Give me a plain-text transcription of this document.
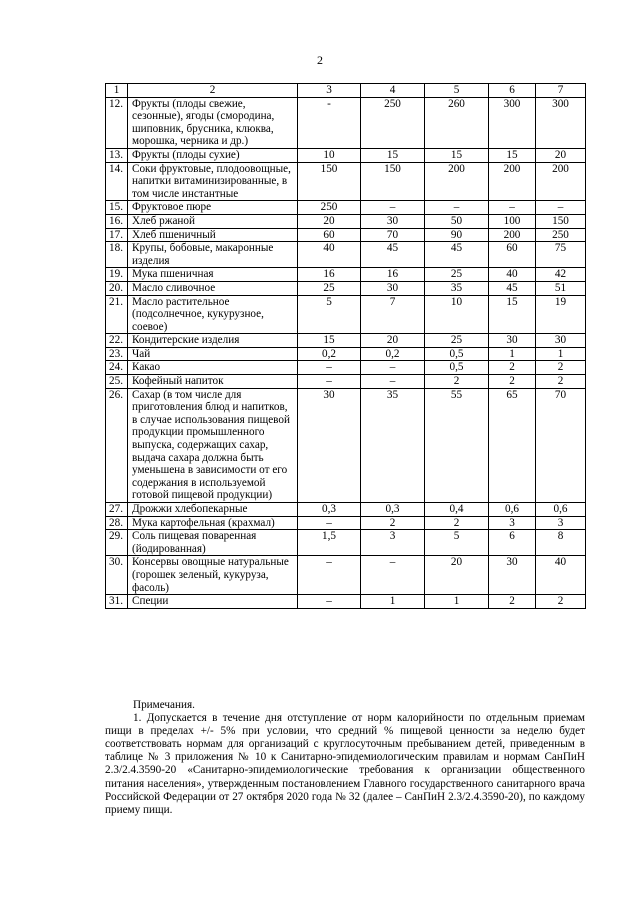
2
1	2	3	4	5	6	7
12.	Фрукты (плоды свежие, сезонные), ягоды (смородина, шиповник, брусника, клюква, морошка, черника и др.)	-	250	260	300	300
13.	Фрукты (плоды сухие)	10	15	15	15	20
14.	Соки фруктовые, плодоовощные, напитки витаминизированные, в том числе инстантные	150	150	200	200	200
15.	Фруктовое пюре	250	–	–	–	–
16.	Хлеб ржаной	20	30	50	100	150
17.	Хлеб пшеничный	60	70	90	200	250
18.	Крупы, бобовые, макаронные изделия	40	45	45	60	75
19.	Мука пшеничная	16	16	25	40	42
20.	Масло сливочное	25	30	35	45	51
21.	Масло растительное (подсолнечное, кукурузное, соевое)	5	7	10	15	19
22.	Кондитерские изделия	15	20	25	30	30
23.	Чай	0,2	0,2	0,5	1	1
24.	Какао	–	–	0,5	2	2
25.	Кофейный напиток	–	–	2	2	2
26.	Сахар (в том числе для приготовления блюд и напитков, в случае использования пищевой продукции промышленного выпуска, содержащих сахар, выдача сахара должна быть уменьшена в зависимости от его содержания в используемой готовой пищевой продукции)	30	35	55	65	70
27.	Дрожжи хлебопекарные	0,3	0,3	0,4	0,6	0,6
28.	Мука картофельная (крахмал)	–	2	2	3	3
29.	Соль пищевая поваренная (йодированная)	1,5	3	5	6	8
30.	Консервы овощные натуральные (горошек зеленый, кукуруза, фасоль)	–	–	20	30	40
31.	Специи	–	1	1	2	2
Примечания.

1. Допускается в течение дня отступление от норм калорийности по отдельным приемам пищи в пределах +/- 5% при условии, что средний % пищевой ценности за неделю будет соответствовать нормам для организаций с круглосуточным пребыванием детей, приведенным в таблице № 3 приложения № 10 к Санитарно-эпидемиологическим правилам и нормам СанПиН 2.3/2.4.3590-20 «Санитарно-эпидемиологические требования к организации общественного питания населения», утвержденным постановлением Главного государственного санитарного врача Российской Федерации от 27 октября 2020 года № 32 (далее – СанПиН 2.3/2.4.3590-20), по каждому приему пищи.
